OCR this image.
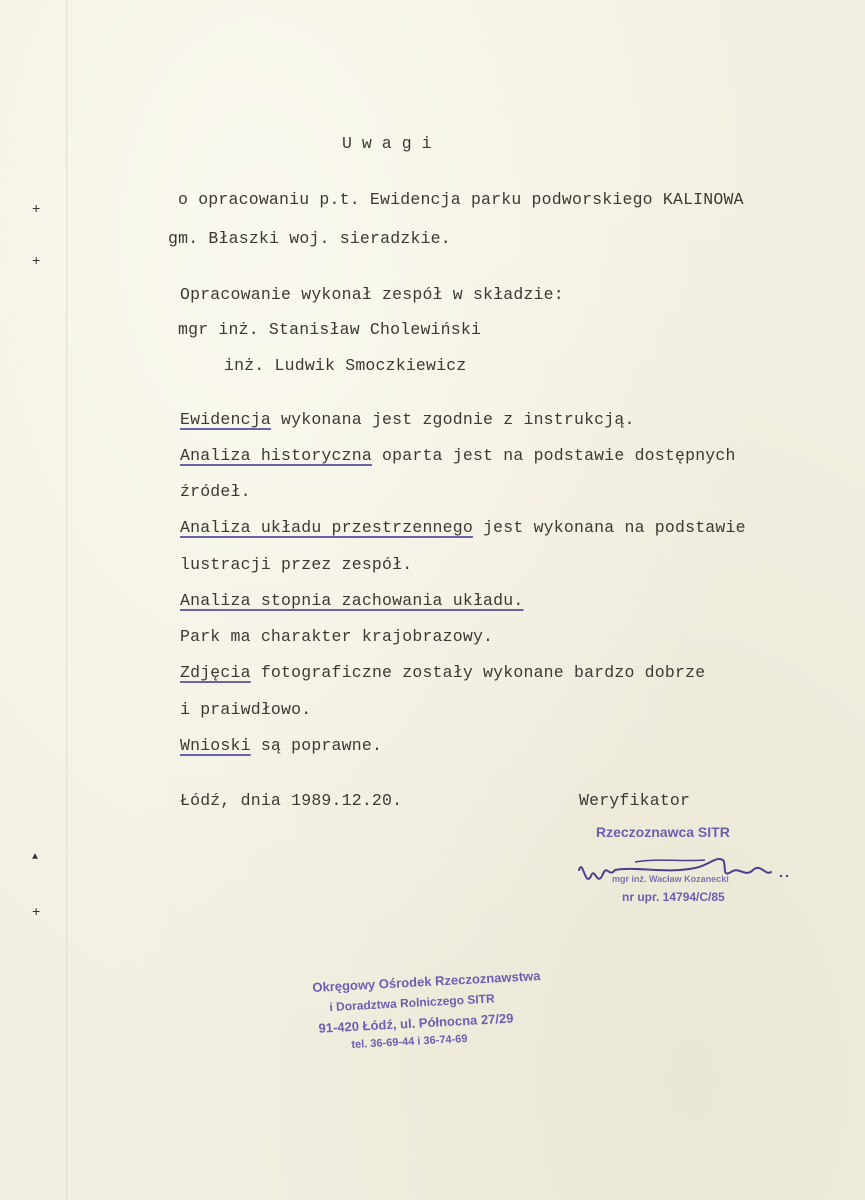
+
+
▲
+
Uwagi
o opracowaniu p.t. Ewidencja parku podworskiego KALINOWA
gm. Błaszki woj. sieradzkie.
Opracowanie wykonał zespół w składzie:
mgr inż. Stanisław Cholewiński
inż. Ludwik Smoczkiewicz
Ewidencja wykonana jest zgodnie z instrukcją.
Analiza historyczna oparta jest na podstawie dostępnych
źródeł.
Analiza układu przestrzennego jest wykonana na podstawie
lustracji przez zespół.
Analiza stopnia zachowania układu.
Park ma charakter krajobrazowy.
Zdjęcia fotograficzne zostały wykonane bardzo dobrze
i praiwdłowo.
Wnioski są poprawne.
Łódź, dnia 1989.12.20.	Weryfikator
Rzeczoznawca SITR
mgr inż. Wacław Kozanecki
nr upr. 14794/C/85
Okręgowy Ośrodek Rzeczoznawstwa
i Doradztwa Rolniczego SITR
91-420 Łódź, ul. Północna 27/29
tel. 36-69-44 i 36-74-69
